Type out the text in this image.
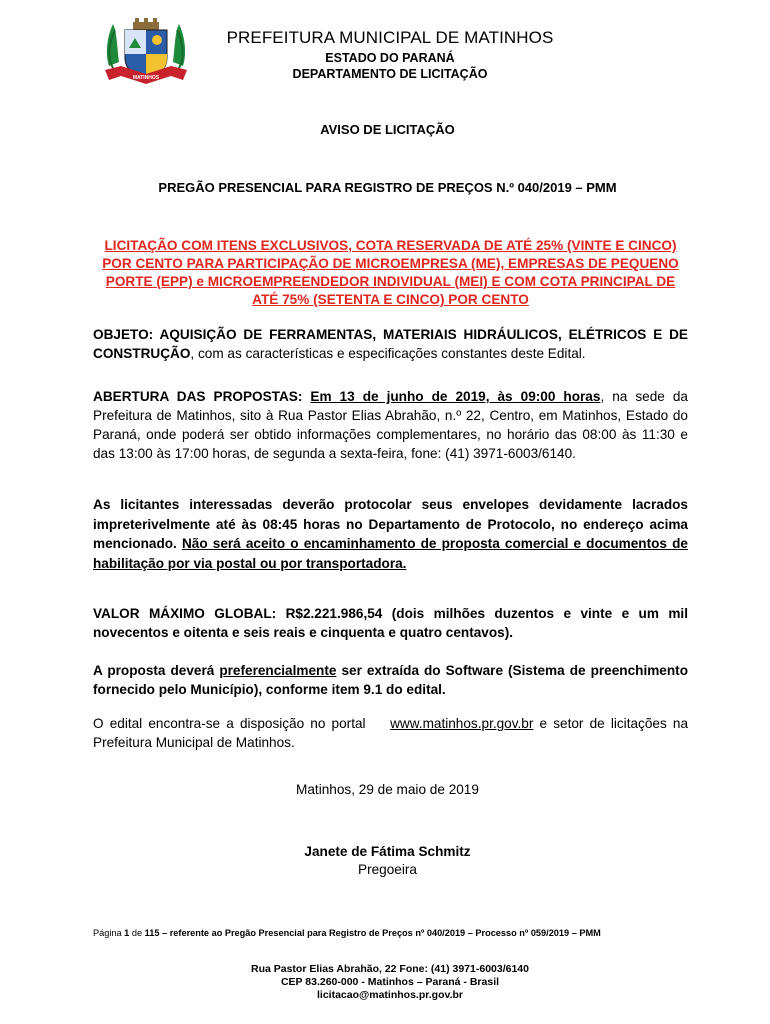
MATINHOS
PREFEITURA MUNICIPAL DE MATINHOS
ESTADO DO PARANÁ
DEPARTAMENTO DE LICITAÇÃO
AVISO DE LICITAÇÃO
PREGÃO PRESENCIAL PARA REGISTRO DE PREÇOS N.º 040/2019 – PMM
LICITAÇÃO COM ITENS EXCLUSIVOS, COTA RESERVADA DE ATÉ 25% (VINTE E CINCO) POR CENTO PARA PARTICIPAÇÃO DE MICROEMPRESA (ME), EMPRESAS DE PEQUENO PORTE (EPP) e MICROEMPREENDEDOR INDIVIDUAL (MEI) E COM COTA PRINCIPAL DE ATÉ 75% (SETENTA E CINCO) POR CENTO
OBJETO: AQUISIÇÃO DE FERRAMENTAS, MATERIAIS HIDRÁULICOS, ELÉTRICOS E DE CONSTRUÇÃO, com as características e especificações constantes deste Edital.
ABERTURA DAS PROPOSTAS: Em 13 de junho de 2019, às 09:00 horas, na sede da Prefeitura de Matinhos, sito à Rua Pastor Elias Abrahão, n.º 22, Centro, em Matinhos, Estado do Paraná, onde poderá ser obtido informações complementares, no horário das 08:00 às 11:30 e das 13:00 às 17:00 horas, de segunda a sexta-feira, fone: (41) 3971-6003/6140.
As licitantes interessadas deverão protocolar seus envelopes devidamente lacrados impreterivelmente até às 08:45 horas no Departamento de Protocolo, no endereço acima mencionado. Não será aceito o encaminhamento de proposta comercial e documentos de habilitação por via postal ou por transportadora.
VALOR MÁXIMO GLOBAL: R$2.221.986,54 (dois milhões duzentos e vinte e um mil novecentos e oitenta e seis reais e cinquenta e quatro centavos).
A proposta deverá preferencialmente ser extraída do Software (Sistema de preenchimento fornecido pelo Município), conforme item 9.1 do edital.
O edital encontra-se a disposição no portal www.matinhos.pr.gov.br e setor de licitações na Prefeitura Municipal de Matinhos.
Matinhos, 29 de maio de 2019
Janete de Fátima Schmitz
Pregoeira
Página 1 de 115 – referente ao Pregão Presencial para Registro de Preços nº 040/2019 – Processo nº 059/2019 – PMM
Rua Pastor Elias Abrahão, 22 Fone: (41) 3971-6003/6140
CEP 83.260-000 - Matinhos – Paraná - Brasil
licitacao@matinhos.pr.gov.br
